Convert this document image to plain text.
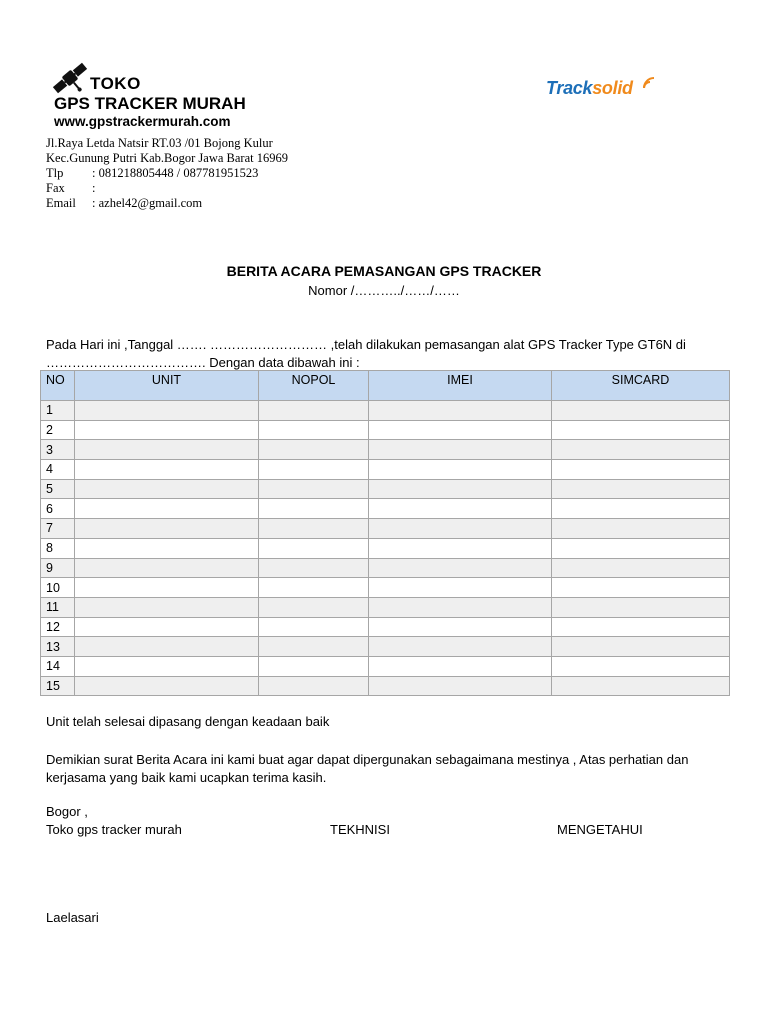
TOKO
GPS TRACKER MURAH
www.gpstrackermurah.com
Tracksolid
Jl.Raya Letda Natsir RT.03 /01 Bojong Kulur
Kec.Gunung Putri Kab.Bogor Jawa Barat 16969
Tlp : 081218805448 / 087781951523
Fax :
Email : azhel42@gmail.com
BERITA ACARA PEMASANGAN GPS TRACKER
Nomor /………../……/……
Pada Hari ini ,Tanggal ……. ……………………… ,telah dilakukan pemasangan alat GPS Tracker Type GT6N di
………………………………. Dengan data dibawah ini :
NO	UNIT	NOPOL	IMEI	SIMCARD
1				
2				
3				
4				
5				
6				
7				
8				
9				
10				
11				
12				
13				
14				
15				
Unit telah selesai dipasang dengan keadaan baik
Demikian surat Berita Acara ini kami buat agar dapat dipergunakan sebagaimana mestinya , Atas perhatian dan kerjasama yang baik kami ucapkan terima kasih.
Bogor ,
Toko gps tracker murah	TEKHNISI	MENGETAHUI
Laelasari
